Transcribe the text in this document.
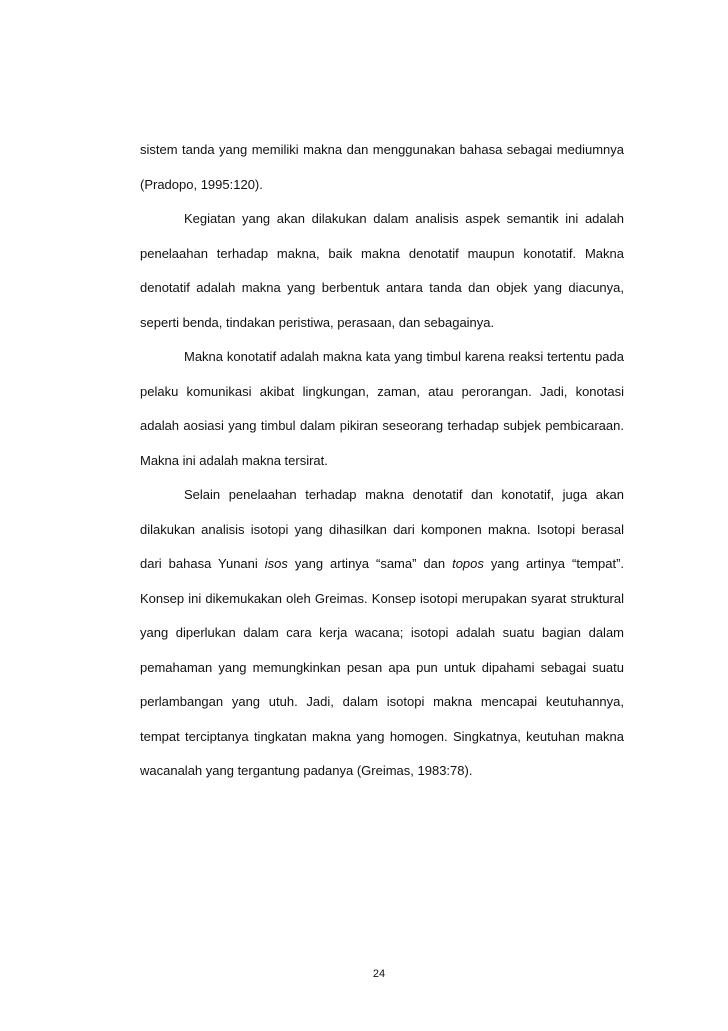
sistem tanda yang memiliki makna dan menggunakan bahasa sebagai mediumnya (Pradopo, 1995:120).

Kegiatan yang akan dilakukan dalam analisis aspek semantik ini adalah penelaahan terhadap makna, baik makna denotatif maupun konotatif. Makna denotatif adalah makna yang berbentuk antara tanda dan objek yang diacunya, seperti benda, tindakan peristiwa, perasaan, dan sebagainya.

Makna konotatif adalah makna kata yang timbul karena reaksi tertentu pada pelaku komunikasi akibat lingkungan, zaman, atau perorangan. Jadi, konotasi adalah aosiasi yang timbul dalam pikiran seseorang terhadap subjek pembicaraan. Makna ini adalah makna tersirat.

Selain penelaahan terhadap makna denotatif dan konotatif, juga akan dilakukan analisis isotopi yang dihasilkan dari komponen makna. Isotopi berasal dari bahasa Yunani isos yang artinya “sama” dan topos yang artinya “tempat”. Konsep ini dikemukakan oleh Greimas. Konsep isotopi merupakan syarat struktural yang diperlukan dalam cara kerja wacana; isotopi adalah suatu bagian dalam pemahaman yang memungkinkan pesan apa pun untuk dipahami sebagai suatu perlambangan yang utuh. Jadi, dalam isotopi makna mencapai keutuhannya, tempat terciptanya tingkatan makna yang homogen. Singkatnya, keutuhan makna wacanalah yang tergantung padanya (Greimas, 1983:78).

24
